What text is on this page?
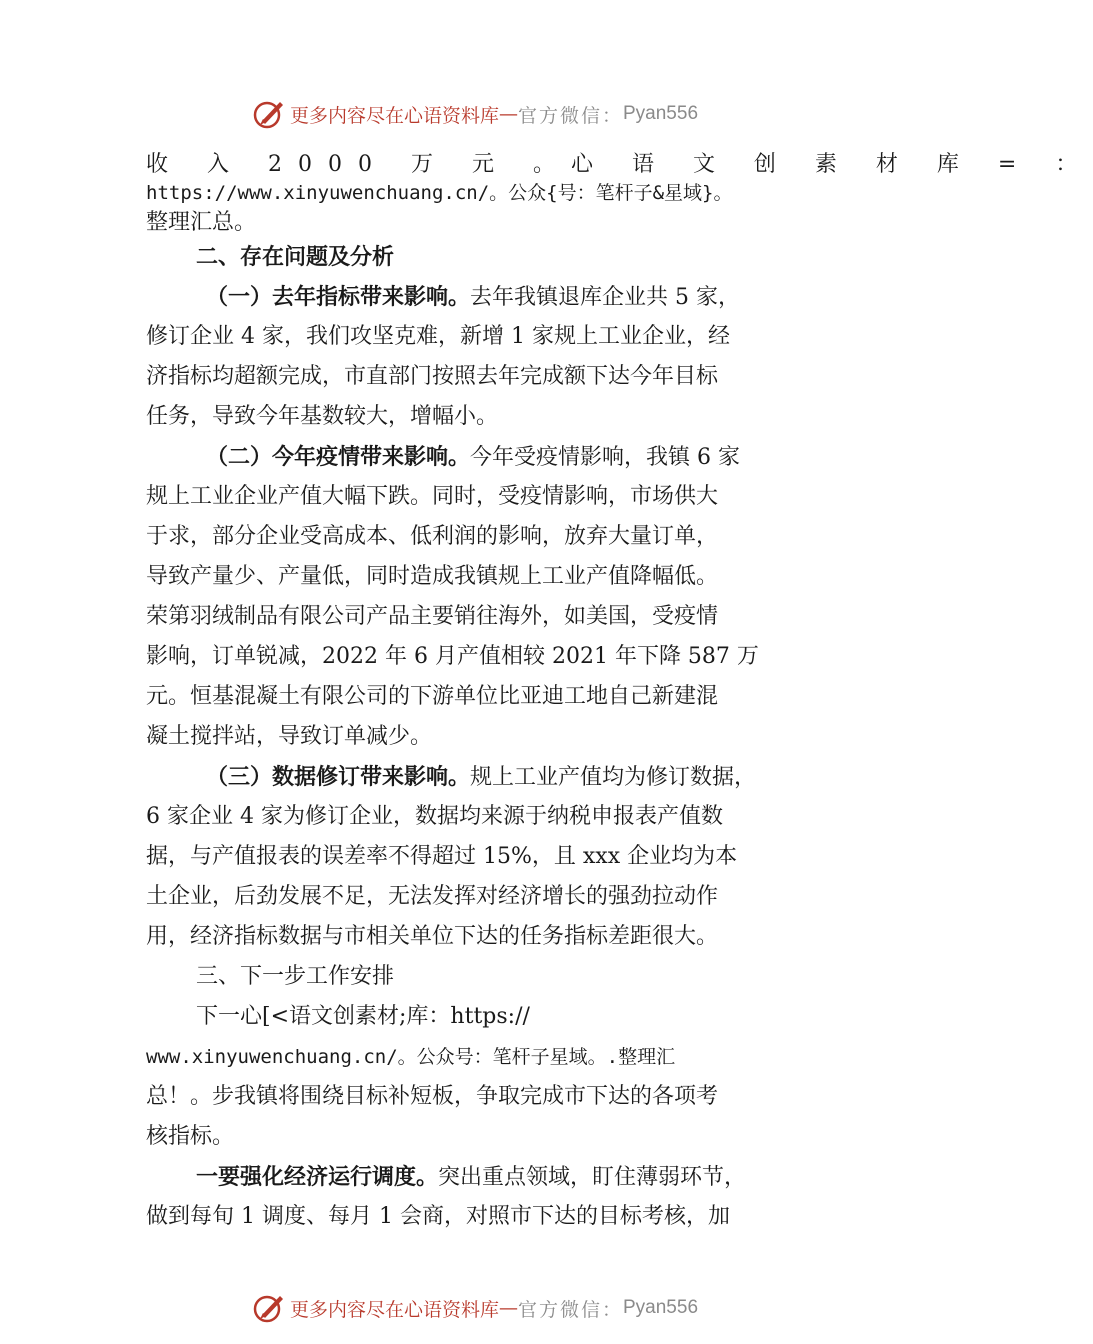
更多内容尽在心语资料库 — 官方微信： Pyan556
收 入 2000 万 元 。心 语 文 创 素 材 库 = ：
https://www.xinyuwenchuang.cn/。公众{号：笔杆子&星域}。
整理汇总。
二、存在问题及分析
（一）去年指标带来影响。去年我镇退库企业共 5 家，
修订企业 4 家，我们攻坚克难，新增 1 家规上工业企业，经
济指标均超额完成，市直部门按照去年完成额下达今年目标
任务，导致今年基数较大，增幅小。
（二）今年疫情带来影响。今年受疫情影响，我镇 6 家
规上工业企业产值大幅下跌。同时，受疫情影响，市场供大
于求，部分企业受高成本、低利润的影响，放弃大量订单，
导致产量少、产量低，同时造成我镇规上工业产值降幅低。
荣第羽绒制品有限公司产品主要销往海外，如美国，受疫情
影响，订单锐减，2022 年 6 月产值相较 2021 年下降 587 万
元。恒基混凝土有限公司的下游单位比亚迪工地自己新建混
凝土搅拌站，导致订单减少。
（三）数据修订带来影响。规上工业产值均为修订数据，
6 家企业 4 家为修订企业，数据均来源于纳税申报表产值数
据，与产值报表的误差率不得超过 15%，且 xxx 企业均为本
土企业，后劲发展不足，无法发挥对经济增长的强劲拉动作
用，经济指标数据与市相关单位下达的任务指标差距很大。
三、下一步工作安排
下一心[<语文创素材;库：https://
www.xinyuwenchuang.cn/。公众号：笔杆子星域。.整理汇
总！。步我镇将围绕目标补短板，争取完成市下达的各项考
核指标。
一要强化经济运行调度。突出重点领域，盯住薄弱环节，
做到每旬 1 调度、每月 1 会商，对照市下达的目标考核，加
更多内容尽在心语资料库 — 官方微信： Pyan556
